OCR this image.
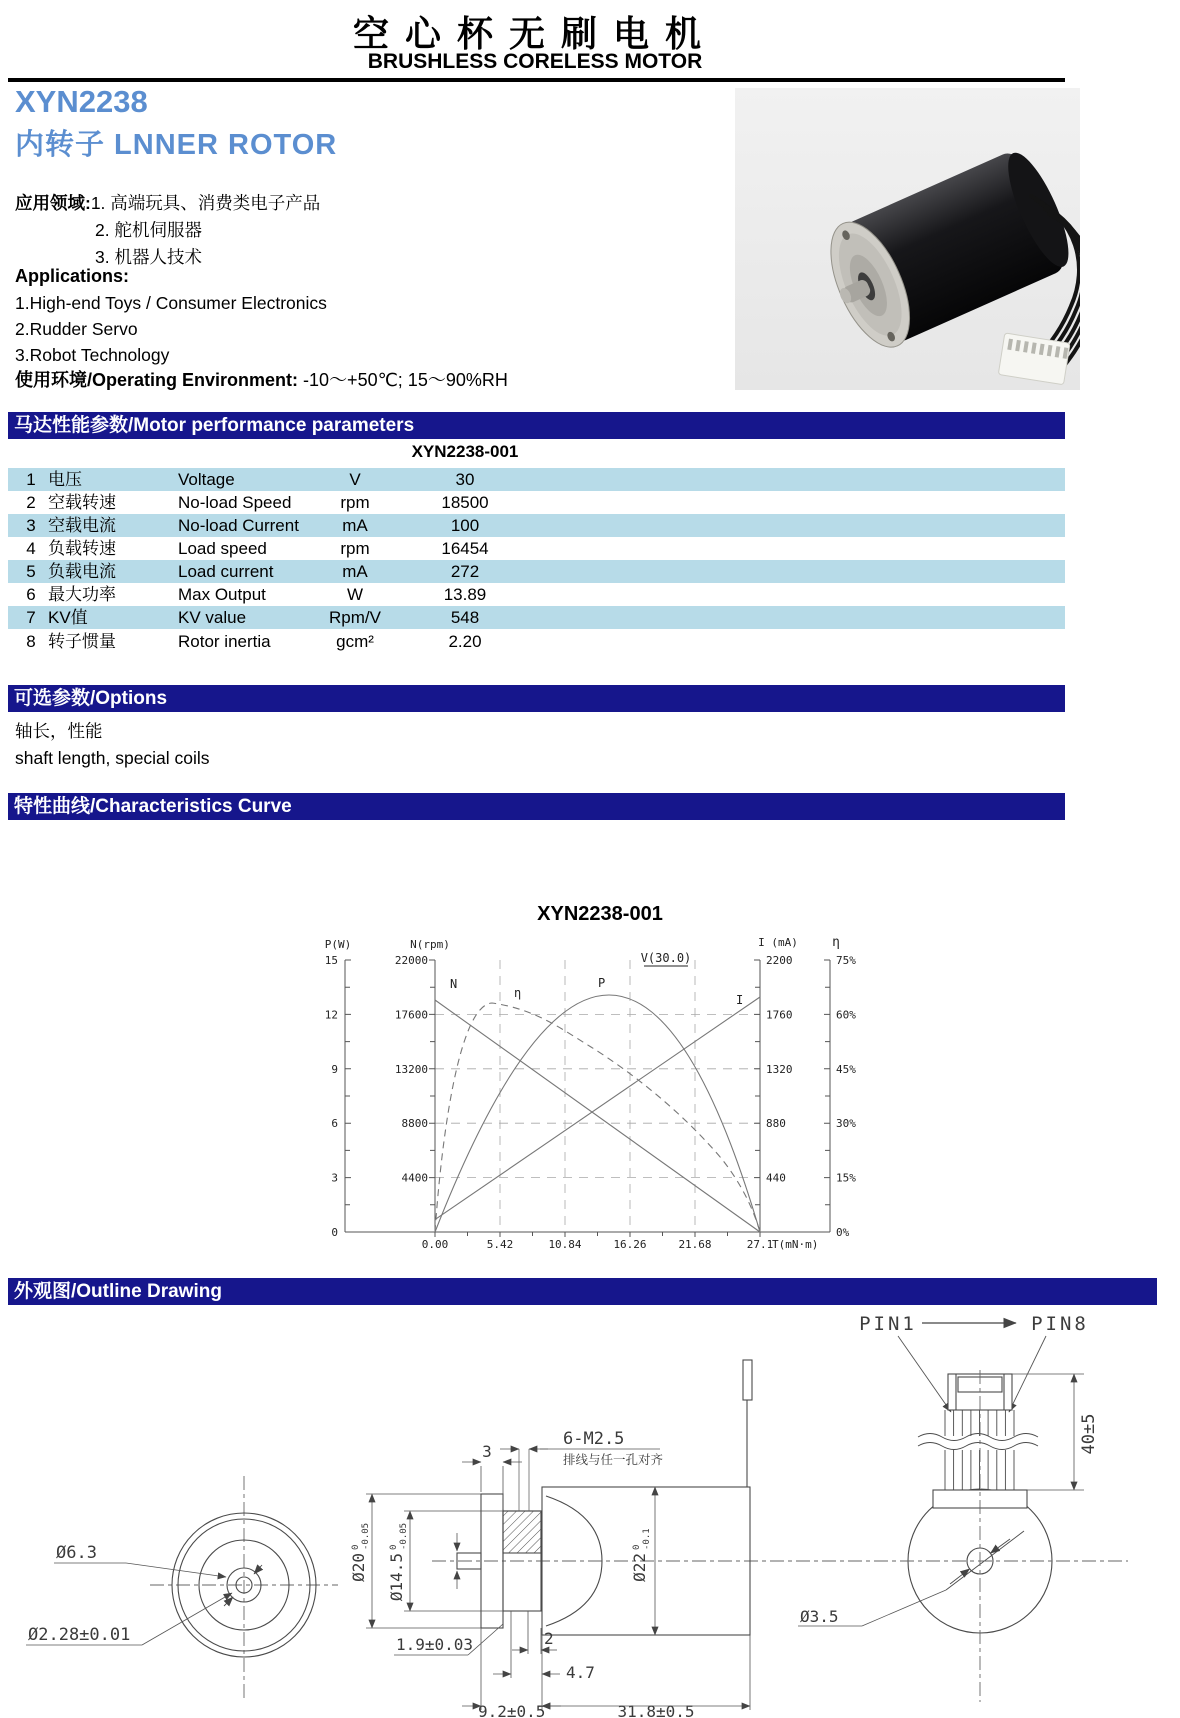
空心杯无刷电机
BRUSHLESS CORELESS MOTOR
XYN2238
内转子 LNNER ROTOR
应用领域:1. 高端玩具、消费类电子产品
2. 舵机伺服器
3. 机器人技术
Applications:
1.High-end Toys / Consumer Electronics
2.Rudder Servo
3.Robot Technology
使用环境/Operating Environment: -10～+50℃; 15～90%RH
马达性能参数/Motor performance parameters
XYN2238-001
1 电压	Voltage	V	30
2 空载转速	No-load Speed	rpm	18500
3 空载电流	No-load Current	mA	100
4 负载转速	Load speed	rpm	16454
5 负载电流	Load current	mA	272
6 最大功率	Max Output	W	13.89
7 KV值	KV value	Rpm/V	548
8 转子惯量	Rotor inertia	gcm²	2.20
可选参数/Options
轴长，性能
shaft length, special coils
特性曲线/Characteristics Curve
XYN2238-001
P(W)	N(rpm)	I (mA)	η
V(30.0)
15
12
9
6
3
0
22000
17600
13200
8800
4400
2200
1760
1320
880
440
75%
60%
45%
30%
15%
0%
0.00	5.42	10.84	16.26	21.68	27.1
T(mN·m)
N
η
P
I
外观图/Outline Drawing
PIN1	PIN8
40±5
Ø3.5
Ø6.3
Ø2.28±0.01
3
6-M2.5
排线与任一孔对齐
Ø20
0 -0.05
Ø14.5
0 -0.05
Ø22
0 -0.1
1.9±0.03	2
4.7
9.2±0.5	31.8±0.5
